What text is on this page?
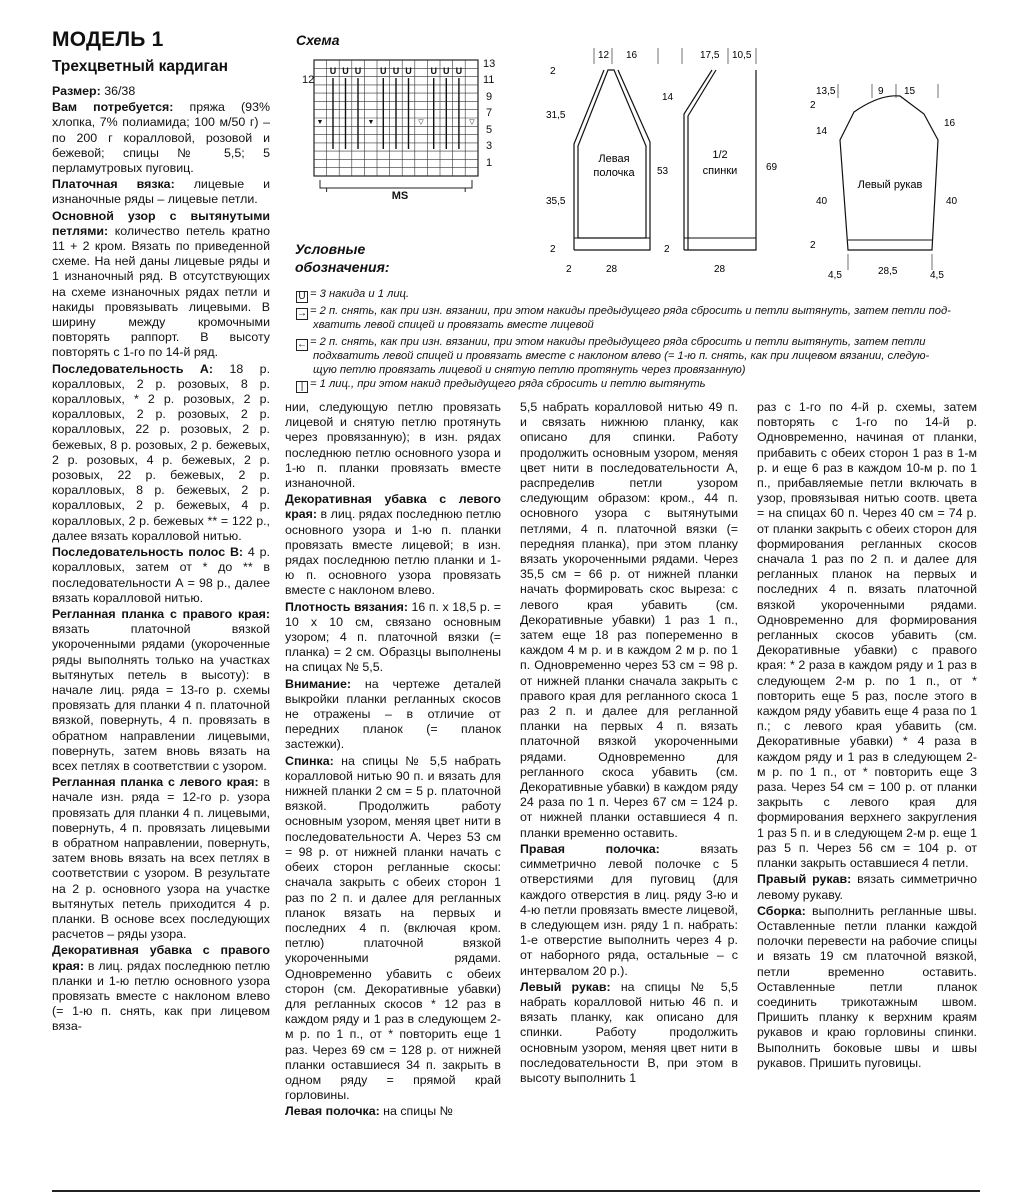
МОДЕЛЬ 1
Трехцветный кардиган
Схема
U U U U U U U U U
▼	▼	▽	▽
12
MS
13
11
9
7
5
3
1	Левая
полочка
12 16
2
31,5
35,5
53
28
2
2
1/2
спинки
17,5 10,5
14
69
28
2
Левый рукав
13,5	9 15
2
14
16
40	40
2
4,5	28,5	4,5
Условные обозначения:
U = 3 накида и 1 лиц.
→ = 2 п. снять, как при изн. вязании, при этом накиды предыдущего ряда сбросить и петли вытянуть, затем петли под-
хватить левой спицей и провязать вместе лицевой
← = 2 п. снять, как при изн. вязании, при этом накиды предыдущего ряда сбросить и петли вытянуть, затем петли
подхватить левой спицей и провязать вместе с наклоном влево (= 1-ю п. снять, как при лицевом вязании, следую-
щую петлю провязать лицевой и снятую петлю протянуть через провязанную)
| = 1 лиц., при этом накид предыдущего ряда сбросить и петлю вытянуть

Размер: 36/38

Вам потребуется: пряжа (93% хлопка, 7% полиамида; 100 м/50 г) – по 200 г коралловой, розовой и бежевой; спицы № 5,5; 5 перламутровых пуговиц.

Платочная вязка: лицевые и изнаночные ряды – лицевые петли.

Основной узор с вытянутыми петлями: количество петель кратно 11 + 2 кром. Вязать по приведенной схеме. На ней даны лицевые ряды и 1 изнаночный ряд. В отсутствующих на схеме изнаночных рядах петли и накиды провязывать лицевыми. В ширину между кромочными повторять раппорт. В высоту повторять с 1-го по 14-й ряд.

Последовательность А: 18 р. коралловых, 2 р. розовых, 8 р. коралловых, * 2 р. розовых, 2 р. коралловых, 2 р. розовых, 2 р. коралловых, 22 р. розовых, 2 р. бежевых, 8 р. розовых, 2 р. бежевых, 2 р. розовых, 4 р. бежевых, 2 р. розовых, 22 р. бежевых, 2 р. коралловых, 8 р. бежевых, 2 р. коралловых, 2 р. бежевых, 4 р. коралловых, 2 р. бежевых ** = 122 р., далее вязать коралловой нитью.

Последовательность полос В: 4 р. коралловых, затем от * до ** в последовательности А = 98 р., далее вязать коралловой нитью.

Регланная планка с правого края: вязать платочной вязкой укороченными рядами (укороченные ряды выполнять только на участках вытянутых петель в высоту): в начале лиц. ряда = 13-го р. схемы провязать для планки 4 п. платочной вязкой, повернуть, 4 п. провязать в обратном направлении лицевыми, повернуть, затем вновь вязать на всех петлях в соответствии с узором.

Регланная планка с левого края: в начале изн. ряда = 12-го р. узора провязать для планки 4 п. лицевыми, повернуть, 4 п. провязать лицевыми в обратном направлении, повернуть, затем вновь вязать на всех петлях в соответствии с узором. В результате на 2 р. основного узора на участке вытянутых петель приходится 4 р. планки. В основе всех последующих расчетов – ряды узора.

Декоративная убавка с правого края: в лиц. рядах последнюю петлю планки и 1-ю петлю основного узора провязать вместе с наклоном влево (= 1-ю п. снять, как при лицевом вяза-

нии, следующую петлю провязать лицевой и снятую петлю протянуть через провязанную); в изн. рядах последнюю петлю основного узора и 1-ю п. планки провязать вместе изнаночной.

Декоративная убавка с левого края: в лиц. рядах последнюю петлю основного узора и 1-ю п. планки провязать вместе лицевой; в изн. рядах последнюю петлю планки и 1-ю п. основного узора провязать вместе с наклоном влево.

Плотность вязания: 16 п. х 18,5 р. = 10 х 10 см, связано основным узором; 4 п. платочной вязки (= планка) = 2 см. Образцы выполнены на спицах № 5,5.

Внимание: на чертеже деталей выкройки планки регланных скосов не отражены – в отличие от передних планок (= планок застежки).

Спинка: на спицы № 5,5 набрать коралловой нитью 90 п. и вязать для нижней планки 2 см = 5 р. платочной вязкой. Продолжить работу основным узором, меняя цвет нити в последовательности А. Через 53 см = 98 р. от нижней планки начать с обеих сторон регланные скосы: сначала закрыть с обеих сторон 1 раз по 2 п. и далее для регланных планок вязать на первых и последних 4 п. (включая кром. петлю) платочной вязкой укороченными рядами. Одновременно убавить с обеих сторон (см. Декоративные убавки) для регланных скосов * 12 раз в каждом ряду и 1 раз в следующем 2-м р. по 1 п., от * повторить еще 1 раз. Через 69 см = 128 р. от нижней планки оставшиеся 34 п. закрыть в одном ряду = прямой край горловины.

Левая полочка: на спицы №

5,5 набрать коралловой нитью 49 п. и связать нижнюю планку, как описано для спинки. Работу продолжить основным узором, меняя цвет нити в последовательности А, распределив петли узором следующим образом: кром., 44 п. основного узора с вытянутыми петлями, 4 п. платочной вязки (= передняя планка), при этом планку вязать укороченными рядами. Через 35,5 см = 66 р. от нижней планки начать формировать скос выреза: с левого края убавить (см. Декоративные убавки) 1 раз 1 п., затем еще 18 раз попеременно в каждом 4 м р. и в каждом 2 м р. по 1 п. Одновременно через 53 см = 98 р. от нижней планки сначала закрыть с правого края для регланного скоса 1 раз 2 п. и далее для регланной планки на первых 4 п. вязать платочной вязкой укороченными рядами. Одновременно для регланного скоса убавить (см. Декоративные убавки) в каждом ряду 24 раза по 1 п. Через 67 см = 124 р. от нижней планки оставшиеся 4 п. планки временно оставить.

Правая полочка: вязать симметрично левой полочке с 5 отверстиями для пуговиц (для каждого отверстия в лиц. ряду 3-ю и 4-ю петли провязать вместе лицевой, в следующем изн. ряду 1 п. набрать: 1-е отверстие выполнить через 4 р. от наборного ряда, остальные – с интервалом 20 р.).

Левый рукав: на спицы № 5,5 набрать коралловой нитью 46 п. и вязать планку, как описано для спинки. Работу продолжить основным узором, меняя цвет нити в последовательности В, при этом в высоту выполнить 1

раз с 1-го по 4-й р. схемы, затем повторять с 1-го по 14-й р. Одновременно, начиная от планки, прибавить с обеих сторон 1 раз в 1-м р. и еще 6 раз в каждом 10-м р. по 1 п., прибавляемые петли включать в узор, провязывая нитью соотв. цвета = на спицах 60 п. Через 40 см = 74 р. от планки закрыть с обеих сторон для формирования регланных скосов сначала 1 раз по 2 п. и далее для регланных планок на первых и последних 4 п. вязать платочной вязкой укороченными рядами. Одновременно для формирования регланных скосов убавить (см. Декоративные убавки) с правого края: * 2 раза в каждом ряду и 1 раз в следующем 2-м р. по 1 п., от * повторить еще 5 раз, после этого в каждом ряду убавить еще 4 раза по 1 п.; с левого края убавить (см. Декоративные убавки) * 4 раза в каждом ряду и 1 раз в следующем 2-м р. по 1 п., от * повторить еще 3 раза. Через 54 см = 100 р. от планки закрыть с левого края для формирования верхнего закругления 1 раз 5 п. и в следующем 2-м р. еще 1 раз 5 п. Через 56 см = 104 р. от планки закрыть оставшиеся 4 петли.

Правый рукав: вязать симметрично левому рукаву.

Сборка: выполнить регланные швы. Оставленные петли планки каждой полочки перевести на рабочие спицы и вязать 19 см платочной вязкой, петли временно оставить. Оставленные петли планок соединить трикотажным швом. Пришить планку к верхним краям рукавов и краю горловины спинки. Выполнить боковые швы и швы рукавов. Пришить пуговицы.
